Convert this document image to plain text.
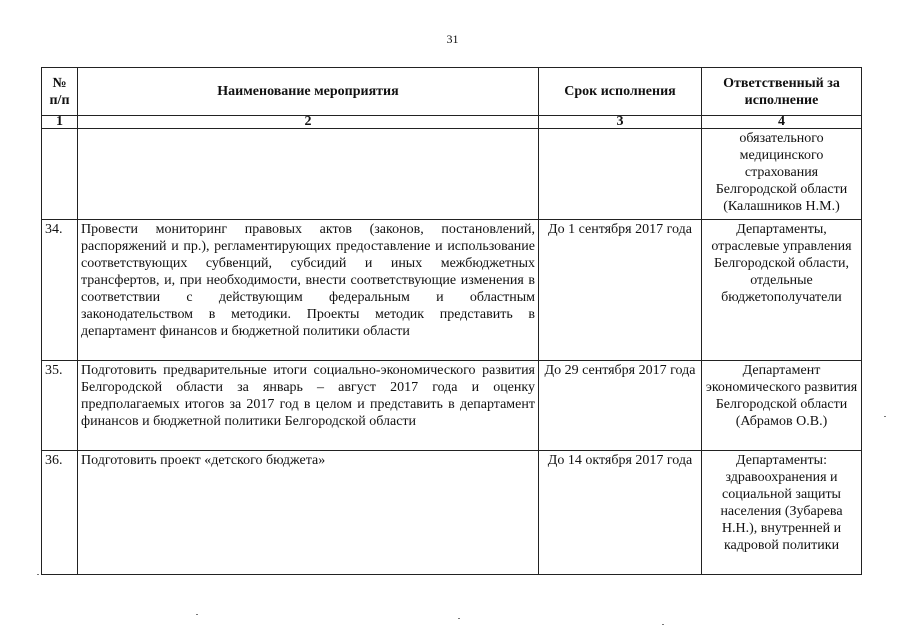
31
№ п/п	Наименование мероприятия	Срок исполнения	Ответственный за исполнение
1	2	3	4
			обязательного медицинского страхования Белгородской области (Калашников Н.М.)
34.	Провести мониторинг правовых актов (законов, постановлений, распоряжений и пр.), регламентирующих предоставление и использование соответствующих субвенций, субсидий и иных межбюджетных трансфертов, и, при необходимости, внести соответствующие изменения в соответствии с действующим федеральным и областным законодательством в методики. Проекты методик представить в департамент финансов и бюджетной политики области	До 1 сентября 2017 года	Департаменты, отраслевые управления Белгородской области, отдельные бюджетополучатели
35.	Подготовить предварительные итоги социально-экономического развития Белгородской области за январь – август 2017 года и оценку предполагаемых итогов за 2017 год в целом и представить в департамент финансов и бюджетной политики Белгородской области	До 29 сентября 2017 года	Департамент экономического развития Белгородской области (Абрамов О.В.)
36.	Подготовить проект «детского бюджета»	До 14 октября 2017 года	Департаменты: здравоохранения и социальной защиты населения (Зубарева Н.Н.), внутренней и кадровой политики
